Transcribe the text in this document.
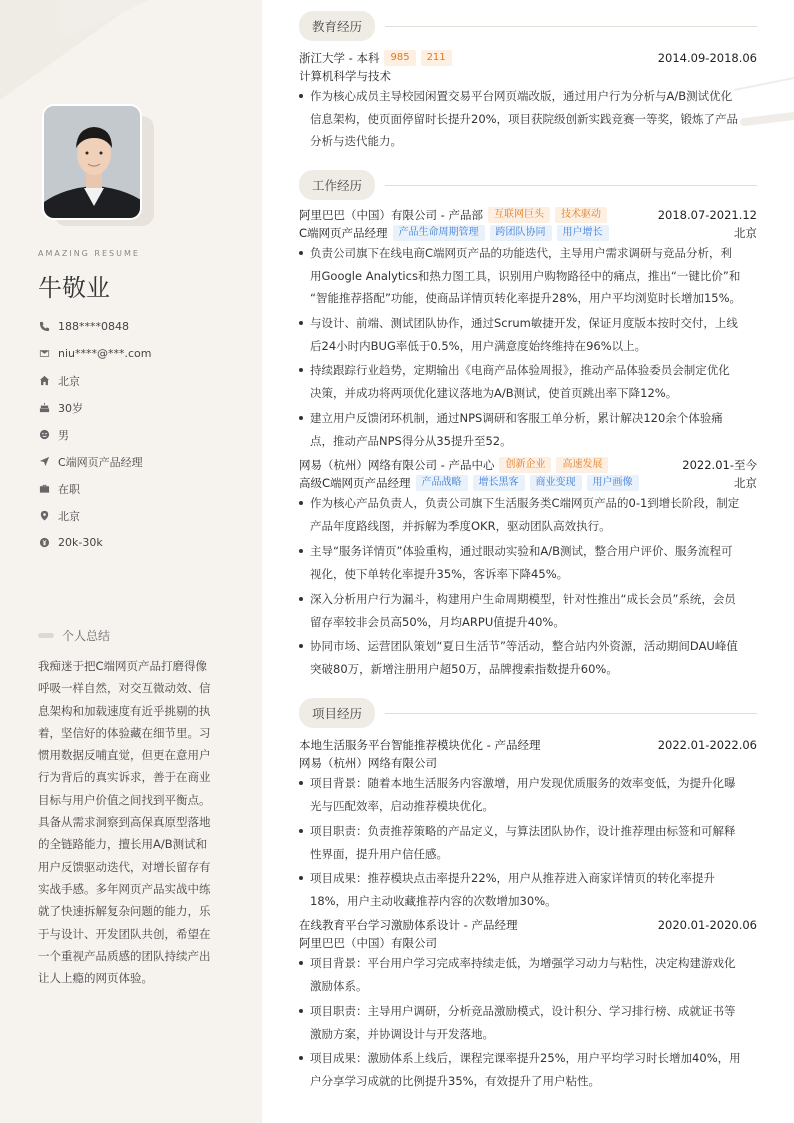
AMAZING RESUME
牛敬业
188****0848
niu****@***.com
北京
30岁
男
C端网页产品经理
在职
北京
20k-30k
个人总结
我痴迷于把C端网页产品打磨得像
呼吸一样自然，对交互微动效、信
息架构和加载速度有近乎挑剔的执
着，坚信好的体验藏在细节里。习
惯用数据反哺直觉，但更在意用户
行为背后的真实诉求，善于在商业
目标与用户价值之间找到平衡点。
具备从需求洞察到高保真原型落地
的全链路能力，擅长用A/B测试和
用户反馈驱动迭代，对增长留存有
实战手感。多年网页产品实战中练
就了快速拆解复杂问题的能力，乐
于与设计、开发团队共创，希望在
一个重视产品质感的团队持续产出
让人上瘾的网页体验。
教育经历
浙江大学 - 本科	985	211	2014.09-2018.06
计算机科学与技术
作为核心成员主导校园闲置交易平台网页端改版，通过用户行为分析与A/B测试优化
信息架构，使页面停留时长提升20%，项目获院级创新实践竞赛一等奖，锻炼了产品
分析与迭代能力。
工作经历
阿里巴巴（中国）有限公司 - 产品部	互联网巨头	技术驱动	2018.07-2021.12
C端网页产品经理	产品生命周期管理	跨团队协同	用户增长	北京
负责公司旗下在线电商C端网页产品的功能迭代，主导用户需求调研与竞品分析，利
用Google Analytics和热力图工具，识别用户购物路径中的痛点，推出“一键比价”和
“智能推荐搭配”功能，使商品详情页转化率提升28%，用户平均浏览时长增加15%。
与设计、前端、测试团队协作，通过Scrum敏捷开发，保证月度版本按时交付，上线
后24小时内BUG率低于0.5%，用户满意度始终维持在96%以上。
持续跟踪行业趋势，定期输出《电商产品体验周报》，推动产品体验委员会制定优化
决策，并成功将两项优化建议落地为A/B测试，使首页跳出率下降12%。
建立用户反馈闭环机制，通过NPS调研和客服工单分析，累计解决120余个体验痛
点，推动产品NPS得分从35提升至52。
网易（杭州）网络有限公司 - 产品中心	创新企业	高速发展	2022.01-至今
高级C端网页产品经理	产品战略	增长黑客	商业变现	用户画像	北京
作为核心产品负责人，负责公司旗下生活服务类C端网页产品的0-1到增长阶段，制定
产品年度路线图，并拆解为季度OKR，驱动团队高效执行。
主导“服务详情页”体验重构，通过眼动实验和A/B测试，整合用户评价、服务流程可
视化，使下单转化率提升35%，客诉率下降45%。
深入分析用户行为漏斗，构建用户生命周期模型，针对性推出“成长会员”系统，会员
留存率较非会员高50%，月均ARPU值提升40%。
协同市场、运营团队策划“夏日生活节”等活动，整合站内外资源，活动期间DAU峰值
突破80万，新增注册用户超50万，品牌搜索指数提升60%。
项目经历
本地生活服务平台智能推荐模块优化 - 产品经理	2022.01-2022.06
网易（杭州）网络有限公司
项目背景：随着本地生活服务内容激增，用户发现优质服务的效率变低，为提升化曝
光与匹配效率，启动推荐模块优化。
项目职责：负责推荐策略的产品定义，与算法团队协作，设计推荐理由标签和可解释
性界面，提升用户信任感。
项目成果：推荐模块点击率提升22%，用户从推荐进入商家详情页的转化率提升
18%，用户主动收藏推荐内容的次数增加30%。
在线教育平台学习激励体系设计 - 产品经理	2020.01-2020.06
阿里巴巴（中国）有限公司
项目背景：平台用户学习完成率持续走低，为增强学习动力与粘性，决定构建游戏化
激励体系。
项目职责：主导用户调研，分析竞品激励模式，设计积分、学习排行榜、成就证书等
激励方案，并协调设计与开发落地。
项目成果：激励体系上线后，课程完课率提升25%，用户平均学习时长增加40%，用
户分享学习成就的比例提升35%，有效提升了用户粘性。
